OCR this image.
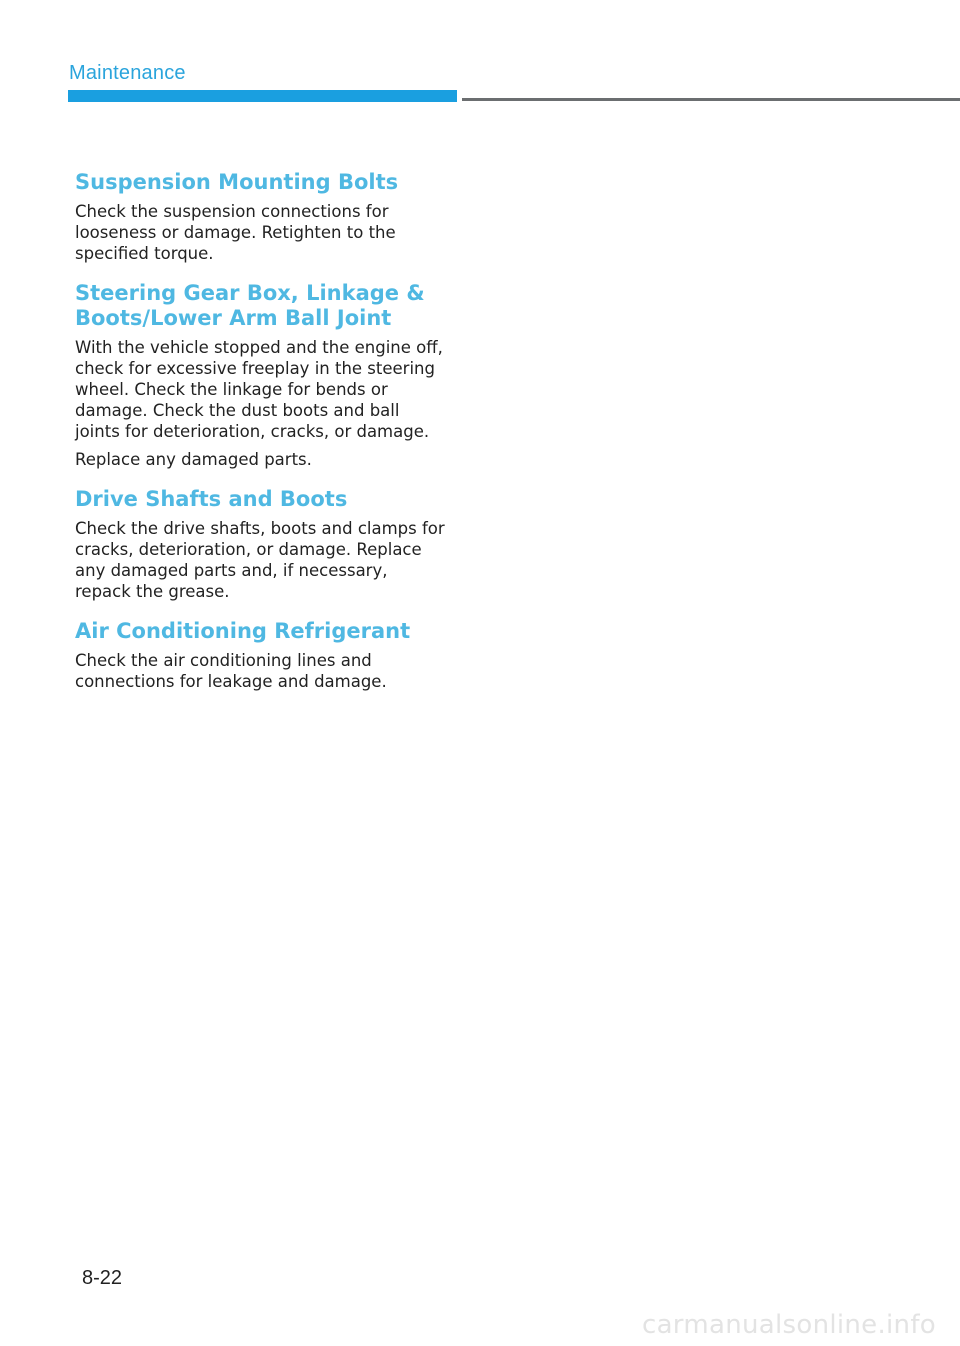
Maintenance
Suspension Mounting Bolts

Check the suspension connections for looseness or damage. Retighten to the specified torque.

Steering Gear Box, Linkage & Boots/Lower Arm Ball Joint

With the vehicle stopped and the engine off, check for excessive freeplay in the steering wheel. Check the linkage for bends or damage. Check the dust boots and ball joints for deterioration, cracks, or damage.

Replace any damaged parts.

Drive Shafts and Boots

Check the drive shafts, boots and clamps for cracks, deterioration, or damage. Replace any damaged parts and, if necessary, repack the grease.

Air Conditioning Refrigerant

Check the air conditioning lines and connections for leakage and damage.

8-22
carmanualsonline.info
